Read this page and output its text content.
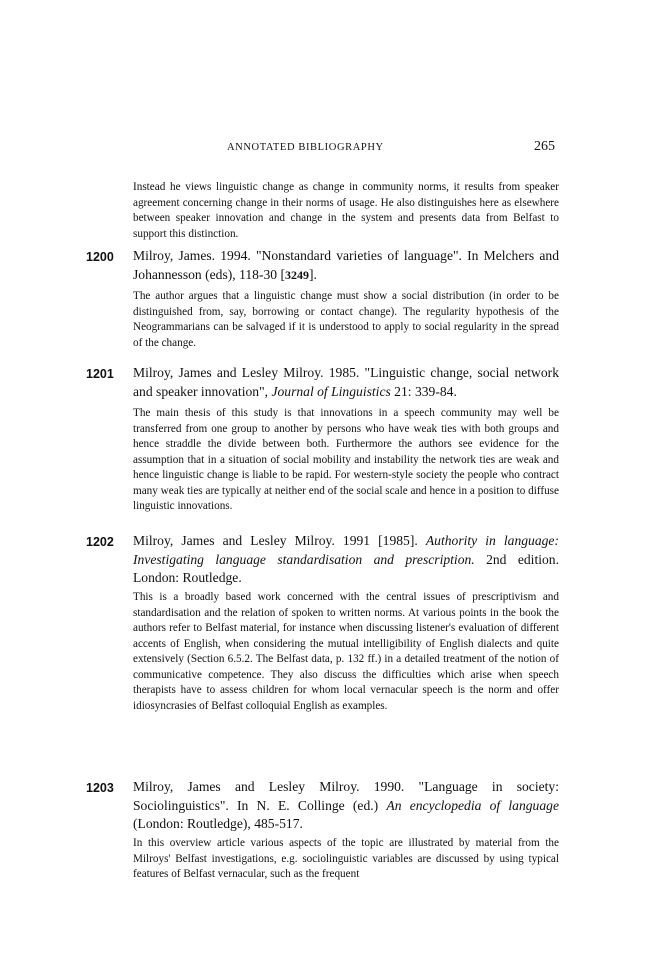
ANNOTATED BIBLIOGRAPHY	265

Instead he views linguistic change as change in community norms, it results from speaker agreement concerning change in their norms of usage. He also distinguishes here as elsewhere between speaker innovation and change in the system and presents data from Belfast to support this distinction.

1200 Milroy, James. 1994. "Nonstandard varieties of language". In Melchers and Johannesson (eds), 118-30 [3249].

The author argues that a linguistic change must show a social distribution (in order to be distinguished from, say, borrowing or contact change). The regularity hypothesis of the Neogrammarians can be salvaged if it is understood to apply to social regularity in the spread of the change.

1201 Milroy, James and Lesley Milroy. 1985. "Linguistic change, social network and speaker innovation", Journal of Linguistics 21: 339-84.

The main thesis of this study is that innovations in a speech community may well be transferred from one group to another by persons who have weak ties with both groups and hence straddle the divide between both. Furthermore the authors see evidence for the assumption that in a situation of social mobility and instability the network ties are weak and hence linguistic change is liable to be rapid. For western-style society the people who contract many weak ties are typically at neither end of the social scale and hence in a position to diffuse linguistic innovations.

1202 Milroy, James and Lesley Milroy. 1991 [1985]. Authority in language: Investigating language standardisation and prescription. 2nd edition. London: Routledge.

This is a broadly based work concerned with the central issues of prescriptivism and standardisation and the relation of spoken to written norms. At various points in the book the authors refer to Belfast material, for instance when discussing listener's evaluation of different accents of English, when considering the mutual intelligibility of English dialects and quite extensively (Section 6.5.2. The Belfast data, p. 132 ff.) in a detailed treatment of the notion of communicative competence. They also discuss the difficulties which arise when speech therapists have to assess children for whom local vernacular speech is the norm and offer idiosyncrasies of Belfast colloquial English as examples.

1203 Milroy, James and Lesley Milroy. 1990. "Language in society: Sociolinguistics". In N. E. Collinge (ed.) An encyclopedia of language (London: Routledge), 485-517.

In this overview article various aspects of the topic are illustrated by material from the Milroys' Belfast investigations, e.g. sociolinguistic variables are discussed by using typical features of Belfast vernacular, such as the frequent
